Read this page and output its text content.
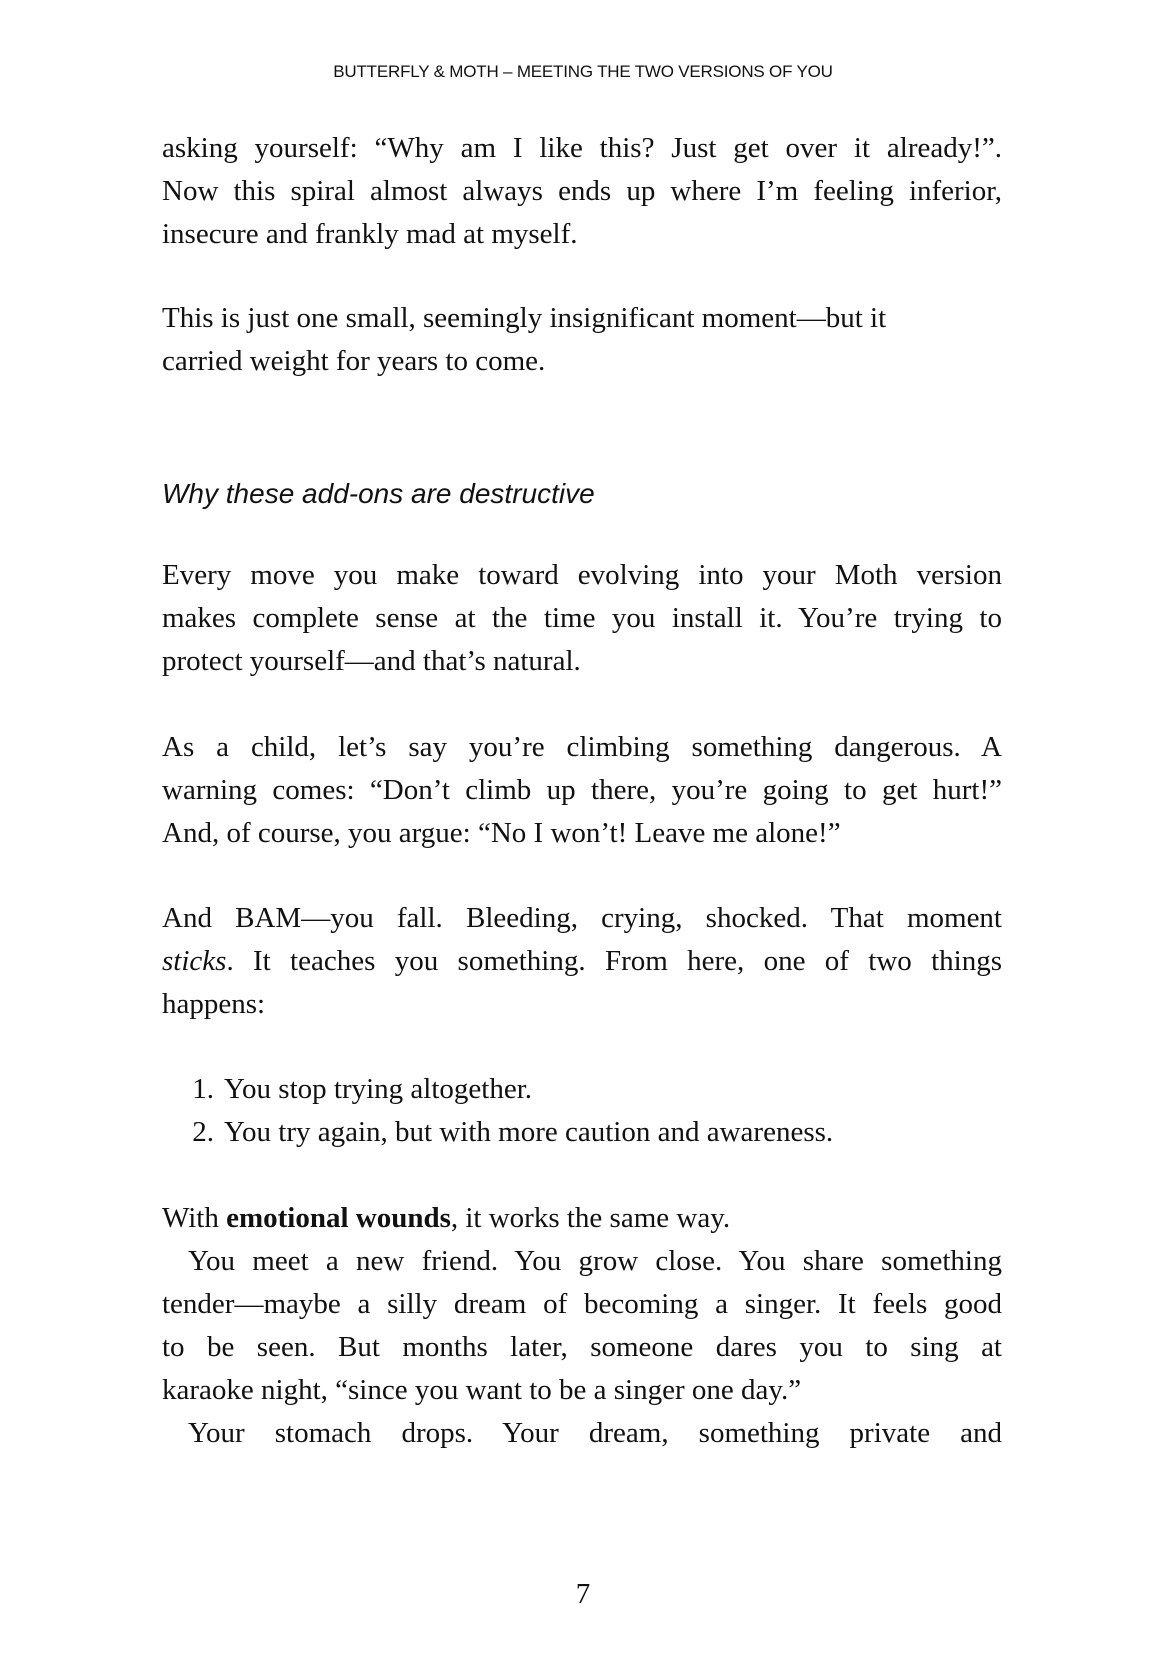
BUTTERFLY & MOTH – MEETING THE TWO VERSIONS OF YOU
asking yourself: “Why am I like this? Just get over it already!”.
Now this spiral almost always ends up where I’m feeling inferior,
insecure and frankly mad at myself.
This is just one small, seemingly insignificant moment—but it
carried weight for years to come.
Why these add-ons are destructive
Every move you make toward evolving into your Moth version
makes complete sense at the time you install it. You’re trying to
protect yourself—and that’s natural.
As a child, let’s say you’re climbing something dangerous. A
warning comes: “Don’t climb up there, you’re going to get hurt!”
And, of course, you argue: “No I won’t! Leave me alone!”
And BAM—you fall. Bleeding, crying, shocked. That moment
sticks. It teaches you something. From here, one of two things
happens:
1. You stop trying altogether.
2. You try again, but with more caution and awareness.
With emotional wounds, it works the same way.
You meet a new friend. You grow close. You share something
tender—maybe a silly dream of becoming a singer. It feels good
to be seen. But months later, someone dares you to sing at
karaoke night, “since you want to be a singer one day.”
Your stomach drops. Your dream, something private and
7
